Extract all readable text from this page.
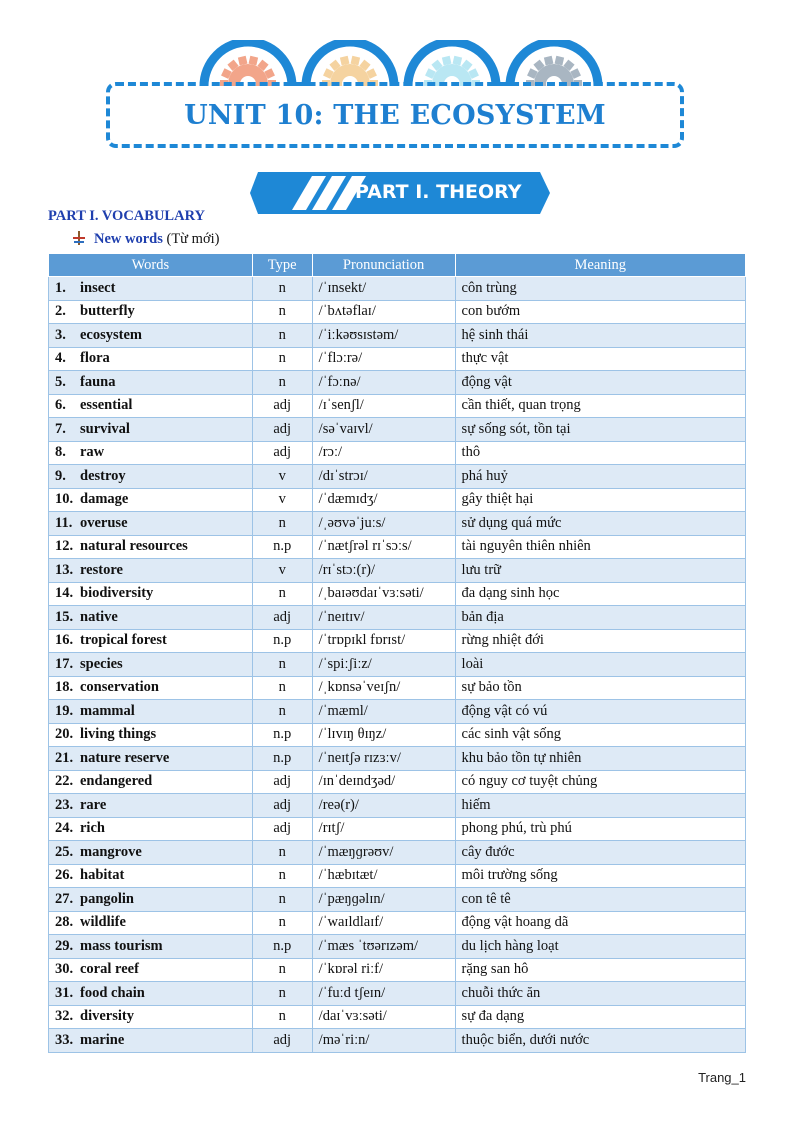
UNIT 10: THE ECOSYSTEM
PART I. THEORY
PART I. VOCABULARY
New words (Từ mới)
Words	Type	Pronunciation	Meaning
1. insect	n	/ˈɪnsekt/	côn trùng
2. butterfly	n	/ˈbʌtəflaɪ/	con bướm
3. ecosystem	n	/ˈiːkəʊsɪstəm/	hệ sinh thái
4. flora	n	/ˈflɔːrə/	thực vật
5. fauna	n	/ˈfɔːnə/	động vật
6. essential	adj	/ɪˈsenʃl/	cần thiết, quan trọng
7. survival	adj	/səˈvaɪvl/	sự sống sót, tồn tại
8. raw	adj	/rɔː/	thô
9. destroy	v	/dɪˈstrɔɪ/	phá huỷ
10. damage	v	/ˈdæmɪdʒ/	gây thiệt hại
11. overuse	n	/ˌəʊvəˈjuːs/	sử dụng quá mức
12. natural resources	n.p	/ˈnætʃrəl rɪˈsɔːs/	tài nguyên thiên nhiên
13. restore	v	/rɪˈstɔː(r)/	lưu trữ
14. biodiversity	n	/ˌbaɪəʊdaɪˈvɜːsəti/	đa dạng sinh học
15. native	adj	/ˈneɪtɪv/	bản địa
16. tropical forest	n.p	/ˈtrɒpɪkl fɒrɪst/	rừng nhiệt đới
17. species	n	/ˈspiːʃiːz/	loài
18. conservation	n	/ˌkɒnsəˈveɪʃn/	sự bảo tồn
19. mammal	n	/ˈmæml/	động vật có vú
20. living things	n.p	/ˈlɪvɪŋ θɪŋz/	các sinh vật sống
21. nature reserve	n.p	/ˈneɪtʃə rɪzɜːv/	khu bảo tồn tự nhiên
22. endangered	adj	/ɪnˈdeɪndʒəd/	có nguy cơ tuyệt chủng
23. rare	adj	/reə(r)/	hiếm
24. rich	adj	/rɪtʃ/	phong phú, trù phú
25. mangrove	n	/ˈmæŋɡrəʊv/	cây đước
26. habitat	n	/ˈhæbɪtæt/	môi trường sống
27. pangolin	n	/ˈpæŋɡəlɪn/	con tê tê
28. wildlife	n	/ˈwaɪldlaɪf/	động vật hoang dã
29. mass tourism	n.p	/ˈmæs ˈtʊərɪzəm/	du lịch hàng loạt
30. coral reef	n	/ˈkɒrəl riːf/	rặng san hô
31. food chain	n	/ˈfuːd tʃeɪn/	chuỗi thức ăn
32. diversity	n	/daɪˈvɜːsəti/	sự đa dạng
33. marine	adj	/məˈriːn/	thuộc biển, dưới nước
Trang_1
